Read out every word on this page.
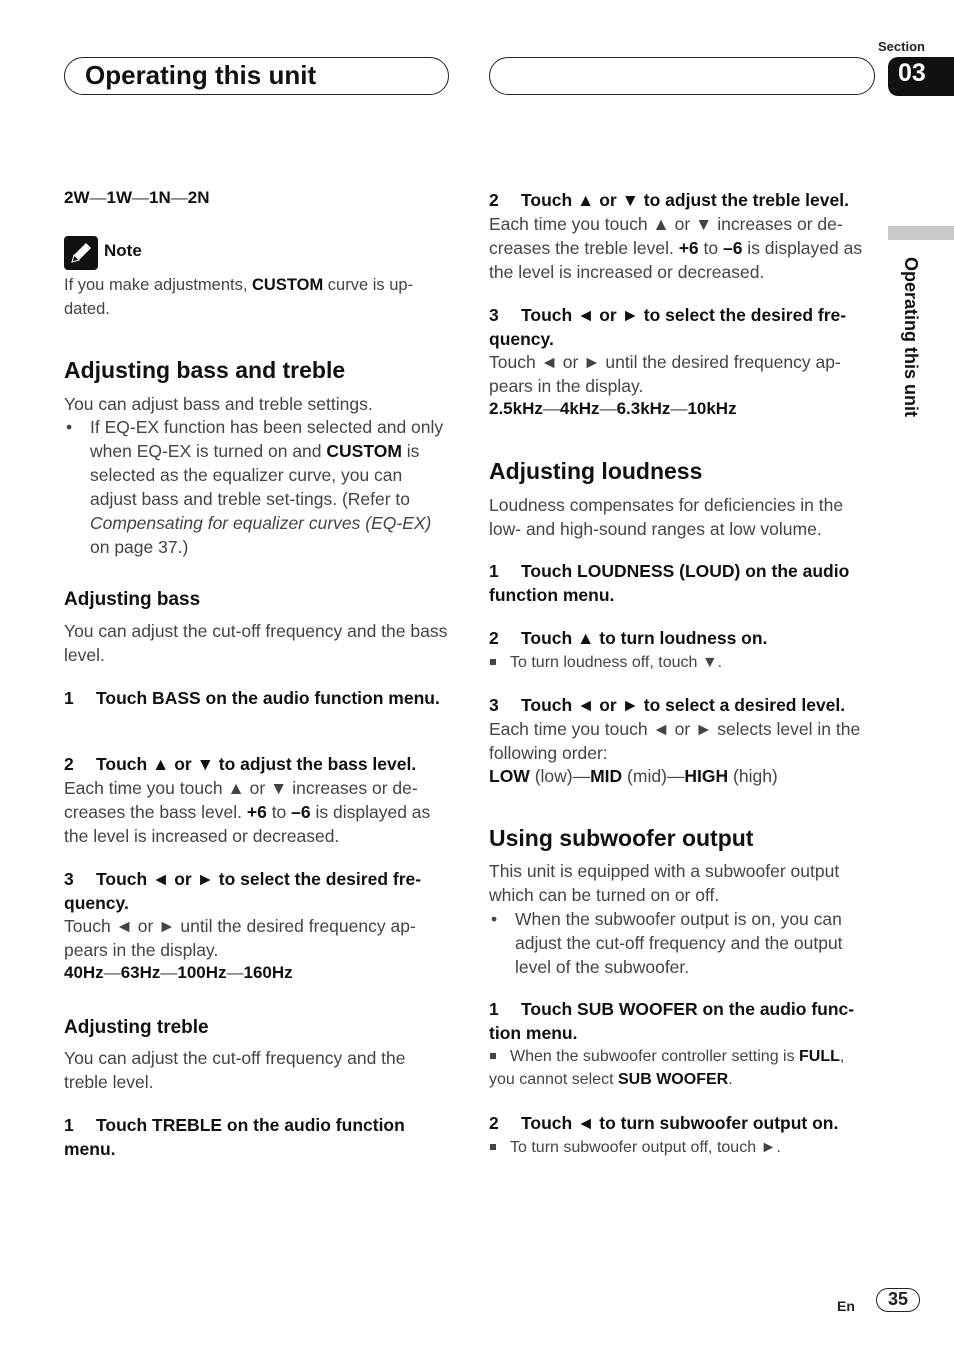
Operating this unit
Section
03
Operating this unit
2W—1W—1N—2N
Note
If you make adjustments, CUSTOM curve is up-dated.
Adjusting bass and treble
You can adjust bass and treble settings.
• If EQ-EX function has been selected and only when EQ-EX is turned on and CUSTOM is selected as the equalizer curve, you can adjust bass and treble set-tings. (Refer to Compensating for equalizer curves (EQ-EX) on page 37.)
Adjusting bass
You can adjust the cut-off frequency and the bass level.
1 Touch BASS on the audio function menu.
2 Touch ▲ or ▼ to adjust the bass level.
Each time you touch ▲ or ▼ increases or de-creases the bass level. +6 to –6 is displayed as the level is increased or decreased.
3 Touch ◄ or ► to select the desired fre-quency.
Touch ◄ or ► until the desired frequency ap-pears in the display.
40Hz—63Hz—100Hz—160Hz
Adjusting treble
You can adjust the cut-off frequency and the treble level.
1 Touch TREBLE on the audio function menu.
2 Touch ▲ or ▼ to adjust the treble level.
Each time you touch ▲ or ▼ increases or de-creases the treble level. +6 to –6 is displayed as the level is increased or decreased.
3 Touch ◄ or ► to select the desired fre-quency.
Touch ◄ or ► until the desired frequency ap-pears in the display.
2.5kHz—4kHz—6.3kHz—10kHz
Adjusting loudness
Loudness compensates for deficiencies in the low- and high-sound ranges at low volume.
1 Touch LOUDNESS (LOUD) on the audio function menu.
2 Touch ▲ to turn loudness on.
To turn loudness off, touch ▼.
3 Touch ◄ or ► to select a desired level.
Each time you touch ◄ or ► selects level in the following order:
LOW (low)—MID (mid)—HIGH (high)
Using subwoofer output
This unit is equipped with a subwoofer output which can be turned on or off.
• When the subwoofer output is on, you can adjust the cut-off frequency and the output level of the subwoofer.
1 Touch SUB WOOFER on the audio func-tion menu.
When the subwoofer controller setting is FULL, you cannot select SUB WOOFER.
2 Touch ◄ to turn subwoofer output on.
To turn subwoofer output off, touch ►.
En	35
